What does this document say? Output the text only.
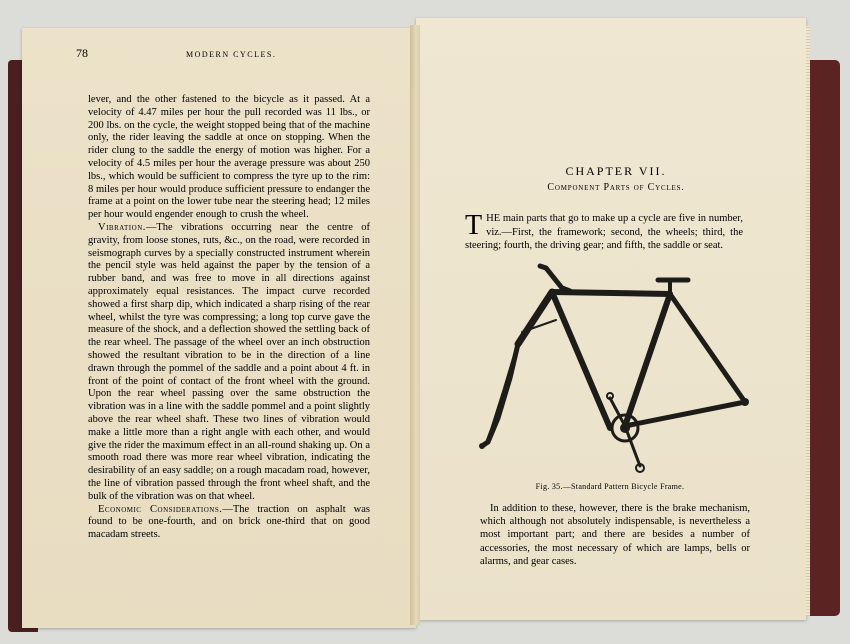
78	MODERN CYCLES.

lever, and the other fastened to the bicycle as it passed. At a velocity of 4.47 miles per hour the pull recorded was 11 lbs., or 200 lbs. on the cycle, the weight stopped being that of the machine only, the rider leaving the saddle at once on stopping. When the rider clung to the saddle the energy of motion was higher. For a velocity of 4.5 miles per hour the average pressure was about 250 lbs., which would be sufficient to compress the tyre up to the rim: 8 miles per hour would produce sufficient pressure to endanger the frame at a point on the lower tube near the steering head; 12 miles per hour would engender enough to crush the wheel.

Vibration.—The vibrations occurring near the centre of gravity, from loose stones, ruts, &c., on the road, were recorded in seismograph curves by a specially constructed instrument wherein the pencil style was held against the paper by the tension of a rubber band, and was free to move in all directions against approximately equal resistances. The impact curve recorded showed a first sharp dip, which indicated a sharp rising of the rear wheel, whilst the tyre was compressing; a long top curve gave the measure of the shock, and a deflection showed the settling back of the rear wheel. The passage of the wheel over an inch obstruction showed the resultant vibration to be in the direction of a line drawn through the pommel of the saddle and a point about 4 ft. in front of the point of contact of the front wheel with the ground. Upon the rear wheel passing over the same obstruction the vibration was in a line with the saddle pommel and a point slightly above the rear wheel shaft. These two lines of vibration would make a little more than a right angle with each other, and would give the rider the maximum effect in an all-round shaking up. On a smooth road there was more rear wheel vibration, indicating the desirability of an easy saddle; on a rough macadam road, however, the line of vibration passed through the front wheel shaft, and the bulk of the vibration was on that wheel.

Economic Considerations.—The traction on asphalt was found to be one-fourth, and on brick one-third that on good macadam streets.

CHAPTER VII.
Component Parts of Cycles.
THE main parts that go to make up a cycle are five in number, viz.—First, the framework; second, the wheels; third, the steering; fourth, the driving gear; and fifth, the saddle or seat.
Fig. 35.—Standard Pattern Bicycle Frame.

In addition to these, however, there is the brake mechanism, which although not absolutely indispensable, is nevertheless a most important part; and there are besides a number of accessories, the most necessary of which are lamps, bells or alarms, and gear cases.
